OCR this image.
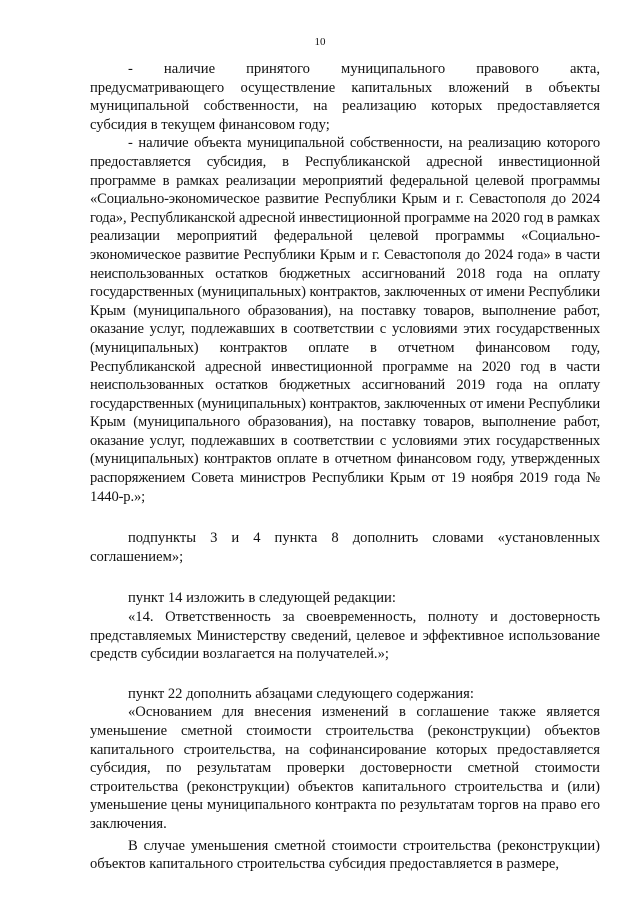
10

- наличие принятого муниципального правового акта, предусматривающего осуществление капитальных вложений в объекты муниципальной собственности, на реализацию которых предоставляется субсидия в текущем финансовом году;

- наличие объекта муниципальной собственности, на реализацию которого предоставляется субсидия, в Республиканской адресной инвестиционной программе в рамках реализации мероприятий федеральной целевой программы «Социально-экономическое развитие Республики Крым и г. Севастополя до 2024 года», Республиканской адресной инвестиционной программе на 2020 год в рамках реализации мероприятий федеральной целевой программы «Социально-экономическое развитие Республики Крым и г. Севастополя до 2024 года» в части неиспользованных остатков бюджетных ассигнований 2018 года на оплату государственных (муниципальных) контрактов, заключенных от имени Республики Крым (муниципального образования), на поставку товаров, выполнение работ, оказание услуг, подлежавших в соответствии с условиями этих государственных (муниципальных) контрактов оплате в отчетном финансовом году, Республиканской адресной инвестиционной программе на 2020 год в части неиспользованных остатков бюджетных ассигнований 2019 года на оплату государственных (муниципальных) контрактов, заключенных от имени Республики Крым (муниципального образования), на поставку товаров, выполнение работ, оказание услуг, подлежавших в соответствии с условиями этих государственных (муниципальных) контрактов оплате в отчетном финансовом году, утвержденных распоряжением Совета министров Республики Крым от 19 ноября 2019 года № 1440-р.»;

подпункты 3 и 4 пункта 8 дополнить словами «установленных соглашением»;

пункт 14 изложить в следующей редакции:

«14. Ответственность за своевременность, полноту и достоверность представляемых Министерству сведений, целевое и эффективное использование средств субсидии возлагается на получателей.»;

пункт 22 дополнить абзацами следующего содержания:

«Основанием для внесения изменений в соглашение также является уменьшение сметной стоимости строительства (реконструкции) объектов капитального строительства, на софинансирование которых предоставляется субсидия, по результатам проверки достоверности сметной стоимости строительства (реконструкции) объектов капитального строительства и (или) уменьшение цены муниципального контракта по результатам торгов на право его заключения.

В случае уменьшения сметной стоимости строительства (реконструкции) объектов капитального строительства субсидия предоставляется в размере,
